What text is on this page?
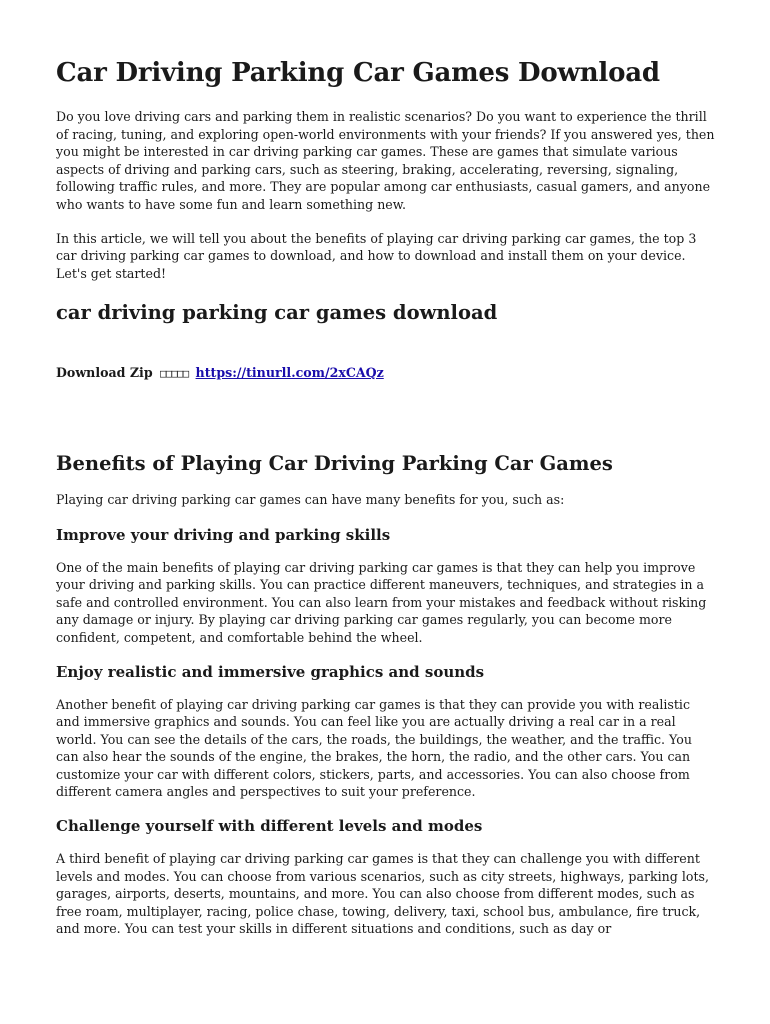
Car Driving Parking Car Games Download

Do you love driving cars and parking them in realistic scenarios? Do you want to experience the thrill of racing, tuning, and exploring open-world environments with your friends? If you answered yes, then you might be interested in car driving parking car games. These are games that simulate various aspects of driving and parking cars, such as steering, braking, accelerating, reversing, signaling, following traffic rules, and more. They are popular among car enthusiasts, casual gamers, and anyone who wants to have some fun and learn something new.

In this article, we will tell you about the benefits of playing car driving parking car games, the top 3 car driving parking car games to download, and how to download and install them on your device. Let's get started!

car driving parking car games download
Download Zip □□□□□ https://tinurll.com/2xCAQz
Benefits of Playing Car Driving Parking Car Games

Playing car driving parking car games can have many benefits for you, such as:

Improve your driving and parking skills

One of the main benefits of playing car driving parking car games is that they can help you improve your driving and parking skills. You can practice different maneuvers, techniques, and strategies in a safe and controlled environment. You can also learn from your mistakes and feedback without risking any damage or injury. By playing car driving parking car games regularly, you can become more confident, competent, and comfortable behind the wheel.

Enjoy realistic and immersive graphics and sounds

Another benefit of playing car driving parking car games is that they can provide you with realistic and immersive graphics and sounds. You can feel like you are actually driving a real car in a real world. You can see the details of the cars, the roads, the buildings, the weather, and the traffic. You can also hear the sounds of the engine, the brakes, the horn, the radio, and the other cars. You can customize your car with different colors, stickers, parts, and accessories. You can also choose from different camera angles and perspectives to suit your preference.

Challenge yourself with different levels and modes

A third benefit of playing car driving parking car games is that they can challenge you with different levels and modes. You can choose from various scenarios, such as city streets, highways, parking lots, garages, airports, deserts, mountains, and more. You can also choose from different modes, such as free roam, multiplayer, racing, police chase, towing, delivery, taxi, school bus, ambulance, fire truck, and more. You can test your skills in different situations and conditions, such as day or
